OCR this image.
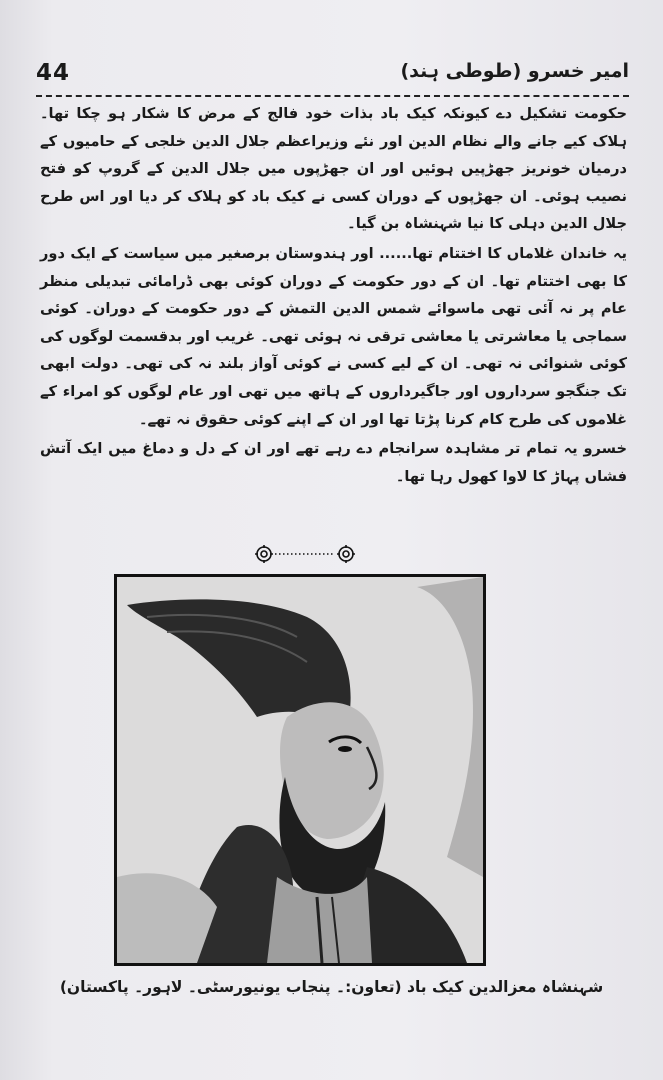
44	امیر خسرو (طوطی ہند)

حکومت تشکیل دے کیونکہ کیک باد بذات خود فالج کے مرض کا شکار ہو چکا تھا۔ ہلاک کیے جانے والے نظام الدین اور نئے وزیراعظم جلال الدین خلجی کے حامیوں کے درمیان خونریز جھڑپیں ہوئیں اور ان جھڑپوں میں جلال الدین کے گروپ کو فتح نصیب ہوئی۔ ان جھڑپوں کے دوران کسی نے کیک باد کو ہلاک کر دیا اور اس طرح جلال الدین دہلی کا نیا شہنشاہ بن گیا۔

یہ خاندان غلاماں کا اختتام تھا...... اور ہندوستان برصغیر میں سیاست کے ایک دور کا بھی اختتام تھا۔ ان کے دور حکومت کے دوران کوئی بھی ڈرامائی تبدیلی منظر عام پر نہ آئی تھی ماسوائے شمس الدین التمش کے دور حکومت کے دوران۔ کوئی سماجی یا معاشرتی یا معاشی ترقی نہ ہوئی تھی۔ غریب اور بدقسمت لوگوں کی کوئی شنوائی نہ تھی۔ ان کے لیے کسی نے کوئی آواز بلند نہ کی تھی۔ دولت ابھی تک جنگجو سرداروں اور جاگیرداروں کے ہاتھ میں تھی اور عام لوگوں کو امراء کے غلاموں کی طرح کام کرنا پڑتا تھا اور ان کے اپنے کوئی حقوق نہ تھے۔

خسرو یہ تمام تر مشاہدہ سرانجام دے رہے تھے اور ان کے دل و دماغ میں ایک آتش فشاں پہاڑ کا لاوا کھول رہا تھا۔

شہنشاہ معزالدین کیک باد (تعاون:۔ پنجاب یونیورسٹی۔ لاہور۔ پاکستان)
